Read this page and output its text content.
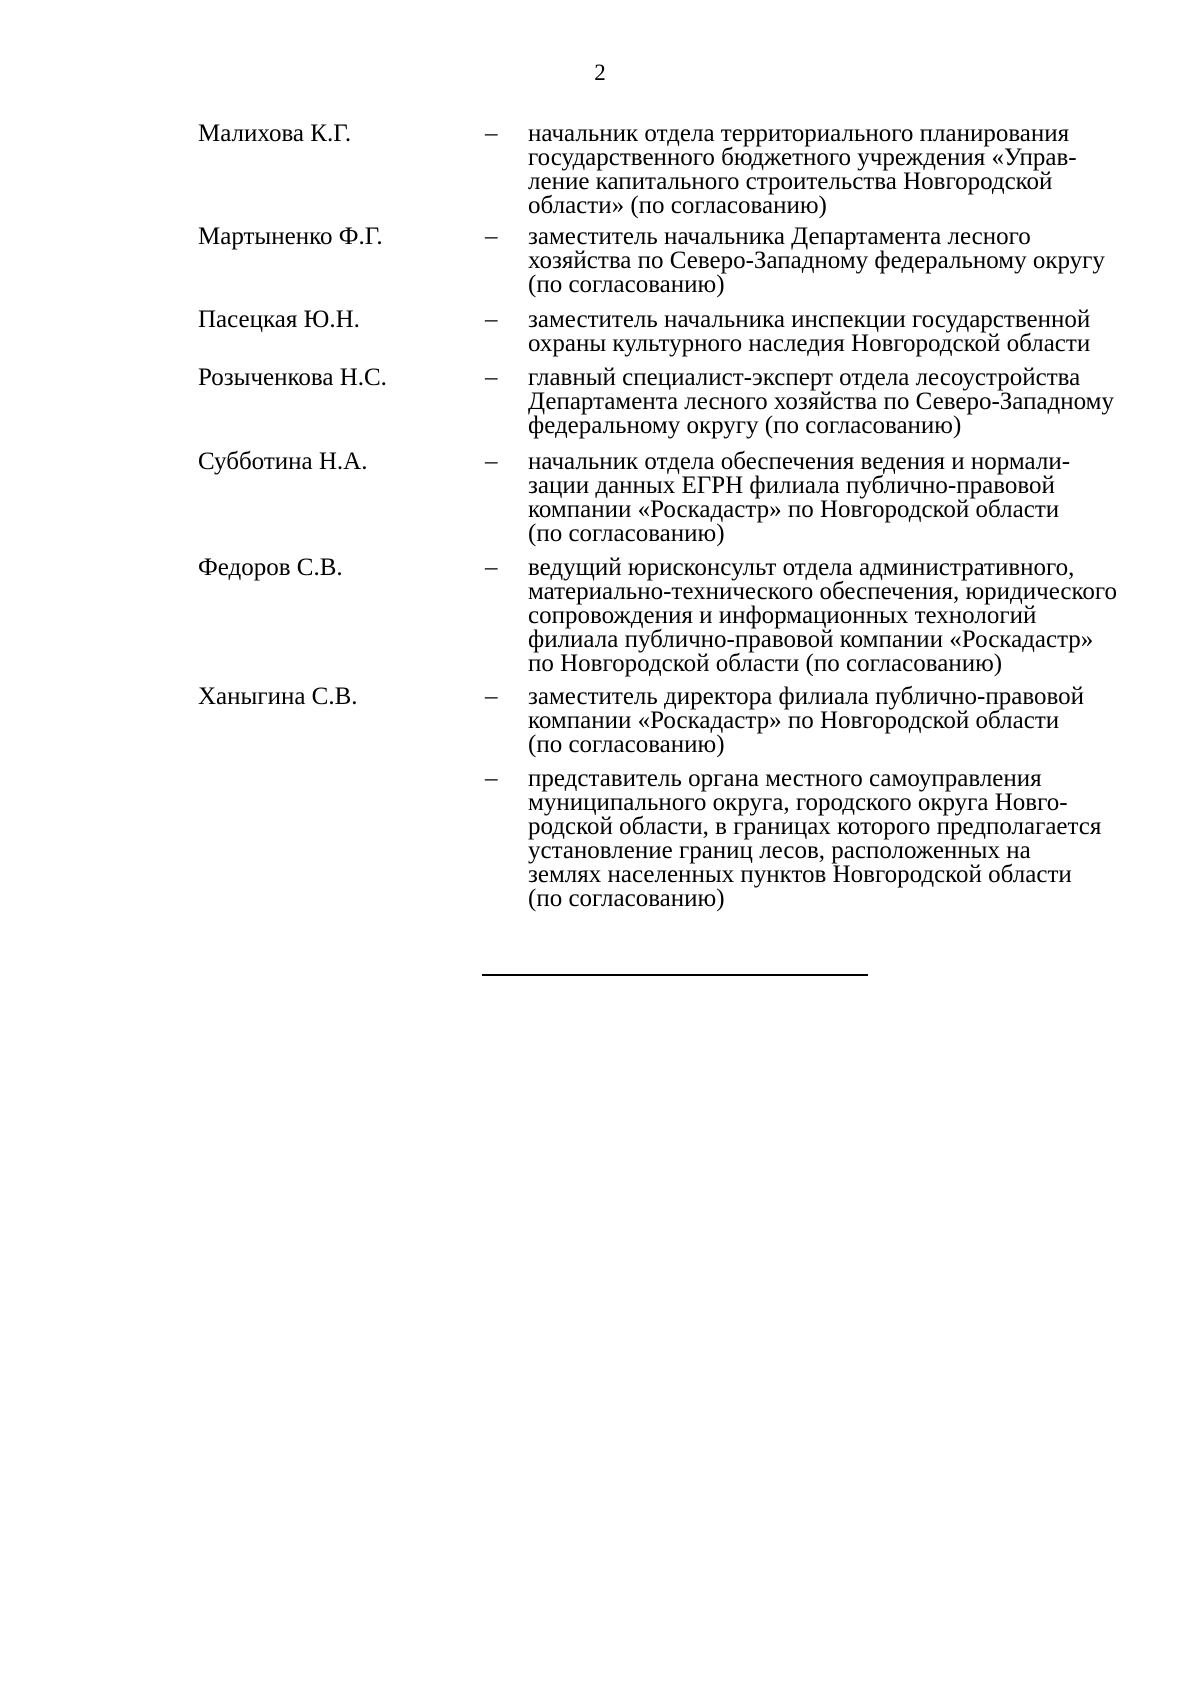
2
Малихова К.Г.	– начальник отдела территориального планирования
государственного бюджетного учреждения «Управ-
ление капитального строительства Новгородской
области» (по согласованию)
Мартыненко Ф.Г.	– заместитель начальника Департамента лесного
хозяйства по Северо-Западному федеральному округу
(по согласованию)
Пасецкая Ю.Н.	– заместитель начальника инспекции государственной
охраны культурного наследия Новгородской области
Розыченкова Н.С.	– главный специалист-эксперт отдела лесоустройства
Департамента лесного хозяйства по Северо-Западному
федеральному округу (по согласованию)
Субботина Н.А.	– начальник отдела обеспечения ведения и нормали-
зации данных ЕГРН филиала публично-правовой
компании «Роскадастр» по Новгородской области
(по согласованию)
Федоров С.В.	– ведущий юрисконсульт отдела административного,
материально-технического обеспечения, юридического
сопровождения и информационных технологий
филиала публично-правовой компании «Роскадастр»
по Новгородской области (по согласованию)
Ханыгина С.В.	– заместитель директора филиала публично-правовой
компании «Роскадастр» по Новгородской области
(по согласованию)
– представитель органа местного самоуправления
муниципального округа, городского округа Новго-
родской области, в границах которого предполагается
установление границ лесов, расположенных на
землях населенных пунктов Новгородской области
(по согласованию)
